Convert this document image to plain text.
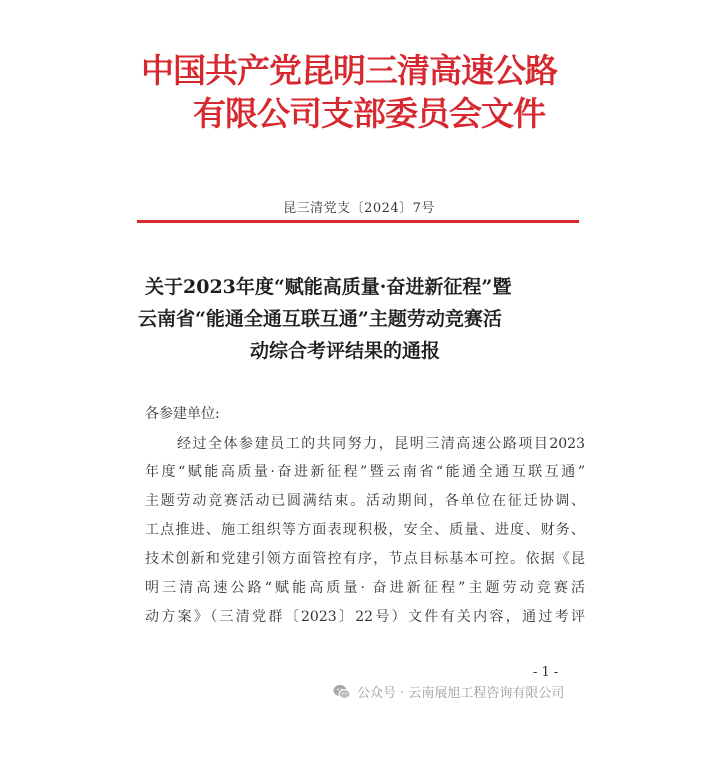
中国共产党昆明三清高速公路
有限公司支部委员会文件
昆三清党支〔2024〕7号
关于2023年度“赋能高质量·奋进新征程”暨
云南省“能通全通互联互通”主题劳动竞赛活
动综合考评结果的通报
各参建单位:
经过全体参建员工的共同努力，昆明三清高速公路项目2023
年度“赋能高质量·奋进新征程”暨云南省“能通全通互联互通”
主题劳动竞赛活动已圆满结束。活动期间，各单位在征迁协调、
工点推进、施工组织等方面表现积极，安全、质量、进度、财务、
技术创新和党建引领方面管控有序，节点目标基本可控。依据《昆
明三清高速公路“赋能高质量· 奋进新征程”主题劳动竞赛活
动方案》（三清党群〔2023〕22号）文件有关内容，通过考评
- 1 -
公众号 · 云南展旭工程咨询有限公司
